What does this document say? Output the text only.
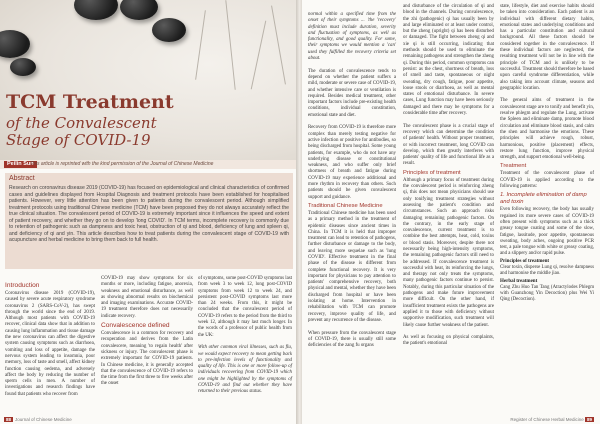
TCM Treatment
of the Convalescent
Stage of COVID-19
Peilin Sun
This article is reprinted with the kind permission of the Journal of Chinese Medicine
Abstract

Research on coronavirus disease 2019 (COVID-19) has focused on epidemiological and clinical characteristics of confirmed cases and guidelines displayed from Hospital Diagnosis and treatment protocols have been established for hospitalised patients. However, very little attention has been given to patients during the convalescent period. Although simplified treatment protocols using traditional Chinese medicine (TCM) have been proposed they do not always accurately reflect the true clinical situation. The convalescent period of COVID-19 is extremely important since it influences the speed and extent of patient recovery, and whether they go on to develop 'long COVID'. In TCM terms, incomplete recovery is commonly due to retention of pathogenic such as dampness and toxic heat, obstruction of qi and blood, deficiency of lung and spleen qi, and deficiency of qi and yin. This article describes how to treat patients during the convalescent stage of COVID-19 with acupuncture and herbal medicine to bring them back to full health.

Introduction
Coronavirus disease 2019 (COVID-19), caused by severe acute respiratory syndrome coronavirus 2 (SARS-CoV-2), has swept through the world since the end of 2019. Although most patients with COVID-19 recover, clinical data show that in addition to causing lung inflammation and tissue damage the new coronavirus can affect the digestive system causing symptoms such as diarrhoea, vomiting and loss of appetite, damage the nervous system leading to insomnia, poor memory, loss of taste and smell, affect kidney function causing oedema, and adversely affect the body by reducing the number of sperm cells in men. A number of investigations and research findings have found that patients who recover from
COVID-19 may show symptoms for six months or more, including fatigue, anorexia, weakness and emotional disturbance, as well as showing abnormal results on biochemical and imaging examinations. Accurate COVID-19 treatment therefore does not necessarily indicate recovery.
Convalescence defined
Convalescence is a common for recovery and recuperation and derives from the Latin convalescere, meaning 'to regain health' after sickness or injury. The convalescent phase is extremely important for COVID-19 patients. In Chinese medicine, it is generally accepted that the convalescence of COVID-19 refers to the time from the first three to five weeks after the onset
of symptoms, some post-COVID symptoms last from week 3 to week 12, long post-COVID symptoms from week 12 to week 24, and persistent post-COVID symptoms last more than 24 weeks. From this, it might be concluded that the convalescent period of COVID-19 refers to the period from the third to week 12, although it may last much longer. In the words of a professor of public health from the UK:

With other common viral illnesses, such as flu, we would expect recovery to mean getting back to pre-infection levels of functionality and quality of life. This is one or more follow-up of individuals recovering from COVID-19 which one might be highlighted by the symptoms of COVID-19 and find out whether they have returned to their previous status.
88 Journal of Chinese Medicine
normal within a specified time from the onset of their symptoms ... 'the 'recovery' definition must include duration, severity and fluctuation of symptoms, as well as functionality, and good quality. For some, their symptoms we would mention a 'can' used they fulfilled the recovery criteria set about.

The duration of convalescence tends to depend on whether the patient suffers a mild, moderate or severe case of COVID-19, and whether intensive care or ventilation is required. Besides medical treatment, other important factors include pre-existing health conditions, individual constitution, emotional state and diet.

Recovery from COVID-19 is therefore more complex than merely testing negative for active infection or positive for antibodies, so being discharged from hospital. Some young patients, for example, who do not have any underlying disease or constitutional weakness, and who suffer only brief shortness of breath and fatigue during COVID-19 may experience additional and more rhythm in recovery than others. Such patients should be given convalescent support and guidance.
Traditional Chinese Medicine
Traditional Chinese medicine has been used as a primary method in the treatment of epidemic diseases since ancient times in China. In TCM it is held that improper treatment can lead to retention of pathogens, further disturbance or damage to the body, and leaving more sequelae such as 'lung COVID'. Effective treatment in the final phase of the disease is different from complete functional recovery. It is very important for physicians to pay attention to patients' comprehensive recovery, both physical and mental, whether they have been discharged from hospital or have been isolating at home. Intervention in rehabilitation with TCM can promote recovery, improve quality of life, and prevent any recurrence of the disease.

When pressure from the convalescent stage of COVID-19, there is usually still some deficiencies of the zang fu organs
and disturbance of the circulation of qi and blood in the channels. During convalescence, the zhi (pathogenic) qi has usually been by and large eliminated or at least under control, but the zheng (upright) qi has been disturbed or damaged. The fight between zheng qi and xie qi is still occurring, indicating that methods should be used to eliminate the remaining pathogens and strengthen the zheng qi. During this period, common symptoms can persist: as the chest, shortness of breath, loss of smell and taste, spontaneous or night sweating, dry cough, fatigue, poor appetite, loose stools or diarrhoea, as well as mental states of emotional disturbance. In severe cases, Lung function may have been seriously damaged and there may be symptoms for a considerable time after recovery.

The convalescent phase is a crucial stage of recovery which can determine the condition of patients' health. Without proper treatment, or with incorrect treatment, long COVID can develop, which then greatly interferes with patients' quality of life and functional life as a result.
Principles of treatment
Although a primary focus of treatment during the convalescent period is reinforcing zheng qi, this does not mean physicians should use only tonifying treatment strategies without assessing the patient's condition and circumstances. Such an approach risks damaging remaining pathogenic factors. On the contrary, in the early stage of convalescence, current treatment is to combine the best attempts, heat, cold, toxins or blood stasis. Moreover, despite there not necessarily being high-intensity symptoms, the remaining pathogenic factors still need to be addressed. If convalescence treatment is successful with heat, its reinforcing the lungs, and therapy not only treats the symptoms, many pathogenic factors continue to persist. Notably, during this particular situation of the pathogens and make future improvement more difficult. On the other hand, if insufficient treatment exists the pathogens are applied it to those with deficiency without supportive modification, such treatment will likely cause further weakness of the patient.

As well as focusing on physical complaints, the patient's emotional
state, lifestyle, diet and exercise habits should be taken into consideration. Each patient is an individual with different dietary habits, emotional states and underlying conditions and has a particular constitution and cultural background. All these factors should be considered together in the convalescence. If these individual factors are neglected, the resulting treatment will not be in line with the principle of TCM and is unlikely to be successful. Treatment should therefore be based upon careful syndrome differentiation, while also taking into account climate, seasons and geographic location.

The general aims of treatment in the convalescent stage are to tonify and benefit yin, resolve phlegm and regulate the Lung, activate the Spleen and eliminate damp, promote blood circulation and eliminate blood stasis, and calm the shen and harmonise the emotions. These principles will achieve rough, robust, harmonious, positive (placement) effects, restore lung function, improve physical strength, and support emotional well-being.
Treatment
Treatment of the convalescent phase of COVID-19 is applied according to the following patterns:
1. Incomplete elimination of damp and toxin
Even following recovery, the body has usually regained its more severe cases of COVID-19 often present with symptoms such as a thick greasy tongue coating and some of the slow, fatigue, lassitude, poor appetite, spontaneous sweating, body aches, ongoing positive PCR test, a pale tongue with white or greasy coating, and a slippery and/or rapid pulse.
Principles of treatment
Clear toxin, disperse Lung qi, resolve dampness and harmonise the middle jiao.
Herbal treatment
Cang Zhu Huo Tan Tang (Atractylodes Phlegm with Guanzhong Yin Decoction) plus Wei Yi Qing (Decoction).
Register of Chinese Herbal Medicine 89
